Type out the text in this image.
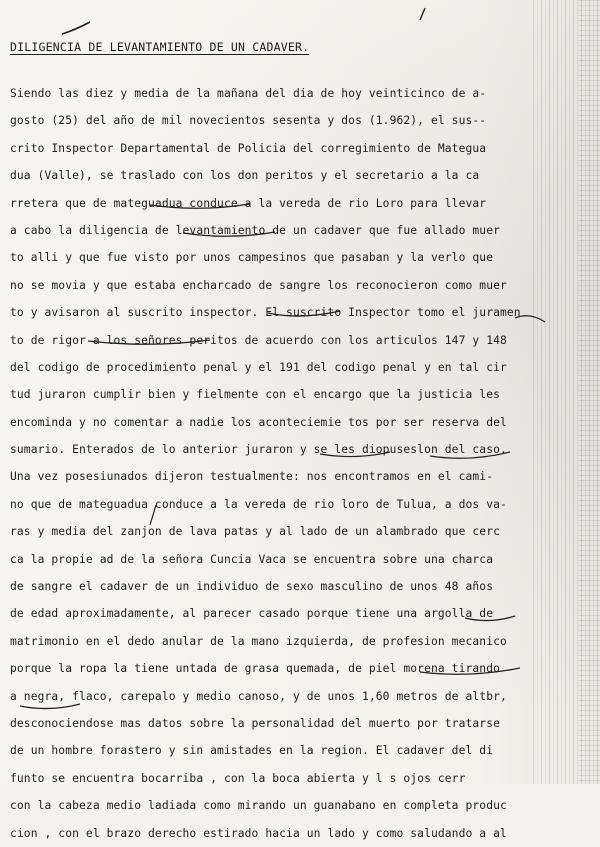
DILIGENCIA DE LEVANTAMIENTO DE UN CADAVER.
Siendo las diez y media de la mañana del dia de hoy veinticinco de a-
gosto (25) del año de mil novecientos sesenta y dos (1.962), el sus--
crito Inspector Departamental de Policia del corregimiento de Mategua
dua (Valle), se traslado con los don peritos y el secretario a la ca
rretera que de mateguadua conduce a la vereda de rio Loro para llevar
a cabo la diligencia de levantamiento de un cadaver que fue allado muer
to alli y que fue visto por unos campesinos que pasaban y la verlo que
no se movia y que estaba encharcado de sangre los reconocieron como muer
to y avisaron al suscrito inspector. El suscrito Inspector tomo el juramen
to de rigor a los señores peritos de acuerdo con los articulos 147 y 148
del codigo de procedimiento penal y el 191 del codigo penal y en tal cir
tud juraron cumplir bien y fielmente con el encargo que la justicia les
encominda y no comentar a nadie los aconteciemie tos por ser reserva del
sumario. Enterados de lo anterior juraron y se les diopuseslon del caso.
Una vez posesiunados dijeron testualmente: nos encontramos en el cami-
no que de mateguadua conduce a la vereda de rio loro de Tulua, a dos va-
ras y media del zanjon de lava patas y al lado de un alambrado que cerc
ca la propie ad de la señora Cuncia Vaca se encuentra sobre una charca
de sangre el cadaver de un individuo de sexo masculino de unos 48 años
de edad aproximadamente, al parecer casado porque tiene una argolla de
matrimonio en el dedo anular de la mano izquierda, de profesion mecanico
porque la ropa la tiene untada de grasa quemada, de piel morena tirando
a negra, flaco, carepalo y medio canoso, y de unos 1,60 metros de altbr,
desconociendose mas datos sobre la personalidad del muerto por tratarse
de un hombre forastero y sin amistades en la region. El cadaver del di
funto se encuentra bocarriba , con la boca abierta y l s ojos cerr
con la cabeza medio ladiada como mirando un guanabano en completa produc
cion , con el brazo derecho estirado hacia un lado y como saludando a al
